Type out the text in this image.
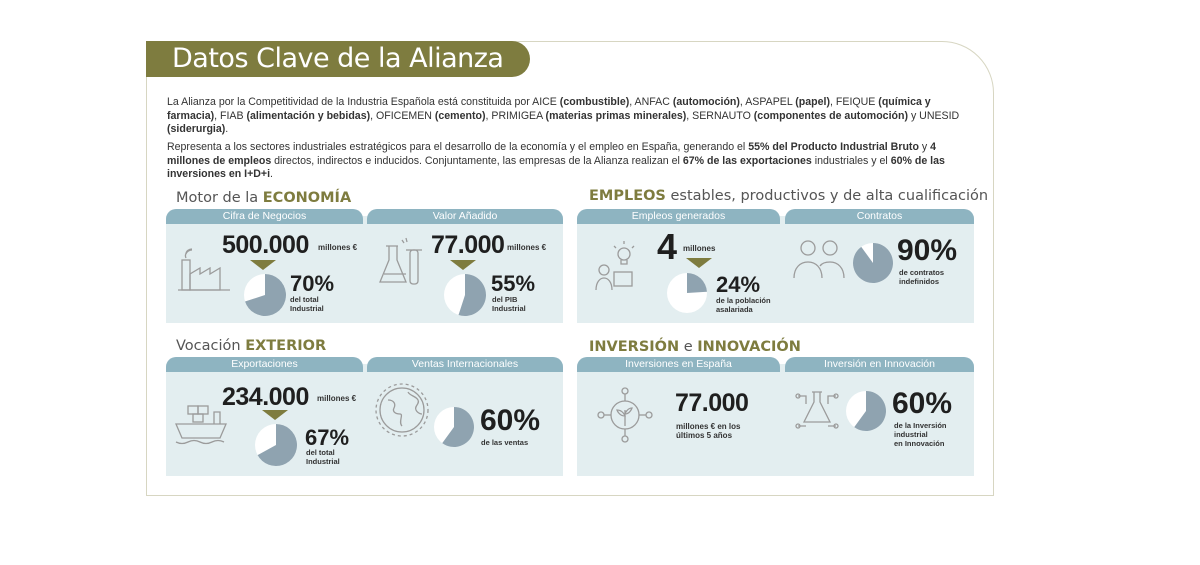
Datos Clave de la Alianza
La Alianza por la Competitividad de la Industria Española está constituida por AICE (combustible), ANFAC (automoción), ASPAPEL (papel), FEIQUE (química y farmacia), FIAB (alimentación y bebidas), OFICEMEN (cemento), PRIMIGEA (materias primas minerales), SERNAUTO (componentes de automoción) y UNESID (siderurgia).
Representa a los sectores industriales estratégicos para el desarrollo de la economía y el empleo en España, generando el 55% del Producto Industrial Bruto y 4 millones de empleos directos, indirectos e inducidos. Conjuntamente, las empresas de la Alianza realizan el 67% de las exportaciones industriales y el 60% de las inversiones en I+D+i.
Motor de la ECONOMÍA
Cifra de Negocios	Valor Añadido
500.000 millones €
70%
del total
Industrial
77.000 millones €
55%
del PIB
Industrial
EMPLEOS estables, productivos y de alta cualificación
Empleos generados	Contratos
4 millones
24%
de la población
asalariada
90%
de contratos
indefinidos
Vocación EXTERIOR
Exportaciones	Ventas Internacionales
234.000 millones €
67%
del total
Industrial
60%
de las ventas
INVERSIÓN e INNOVACIÓN
Inversiones en España	Inversión en Innovación
77.000
millones € en los
últimos 5 años
60%
de la Inversión
industrial
en Innovación
